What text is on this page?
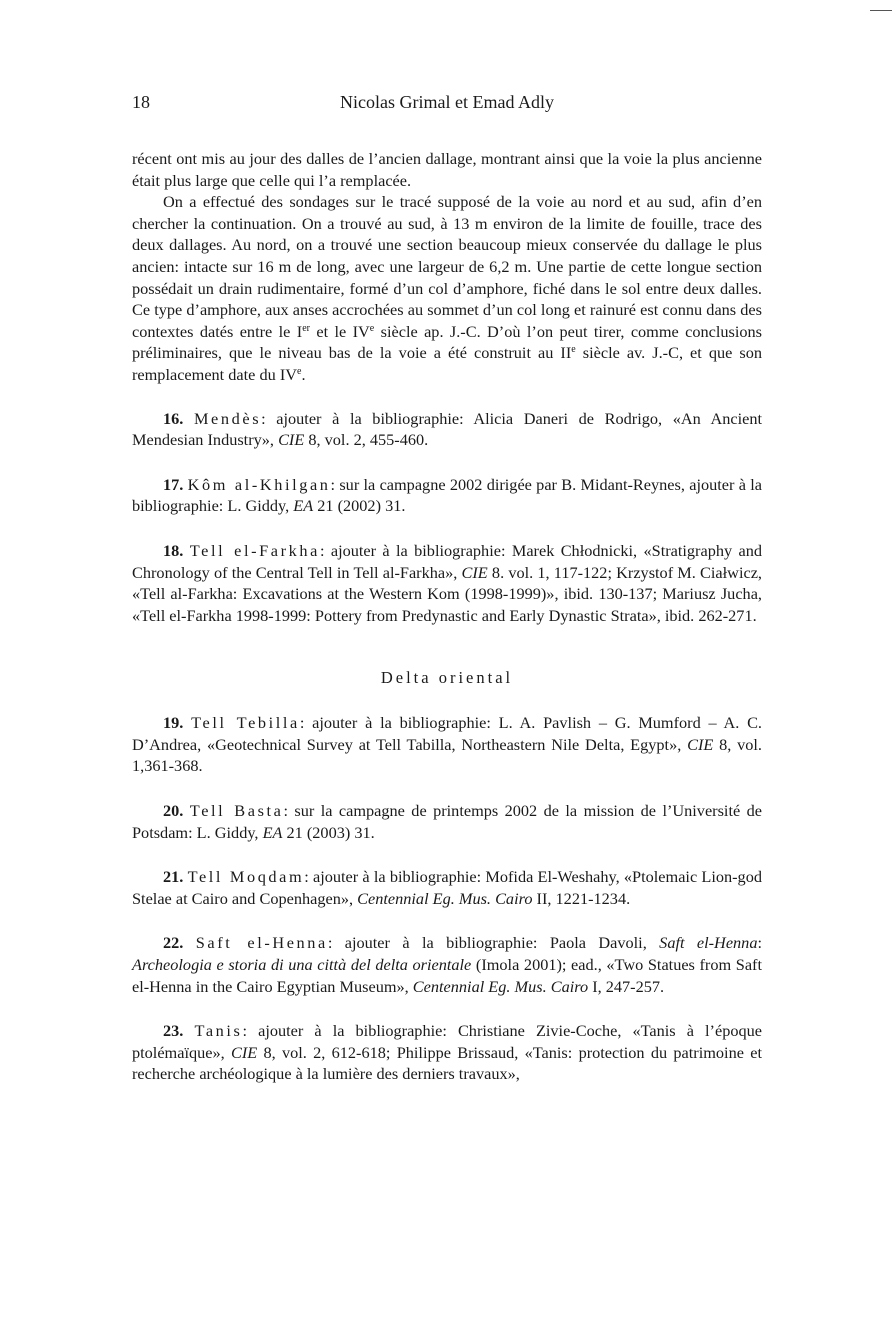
18	Nicolas Grimal et Emad Adly

récent ont mis au jour des dalles de l’ancien dallage, montrant ainsi que la voie la plus ancienne était plus large que celle qui l’a remplacée.

On a effectué des sondages sur le tracé supposé de la voie au nord et au sud, afin d’en chercher la continuation. On a trouvé au sud, à 13 m environ de la limite de fouille, trace des deux dallages. Au nord, on a trouvé une section beaucoup mieux conservée du dallage le plus ancien: intacte sur 16 m de long, avec une largeur de 6,2 m. Une partie de cette longue section possédait un drain rudimentaire, formé d’un col d’amphore, fiché dans le sol entre deux dalles. Ce type d’amphore, aux anses accrochées au sommet d’un col long et rainuré est connu dans des contextes datés entre le Ier et le IVe siècle ap. J.-C. D’où l’on peut tirer, comme conclusions préliminaires, que le niveau bas de la voie a été construit au IIe siècle av. J.-C, et que son remplacement date du IVe.

16. Mendès: ajouter à la bibliographie: Alicia Daneri de Rodrigo, «An Ancient Mendesian Industry», CIE 8, vol. 2, 455-460.

17. Kôm al-Khilgan: sur la campagne 2002 dirigée par B. Midant-Reynes, ajouter à la bibliographie: L. Giddy, EA 21 (2002) 31.

18. Tell el-Farkha: ajouter à la bibliographie: Marek Chłodnicki, «Stratigraphy and Chronology of the Central Tell in Tell al-Farkha», CIE 8. vol. 1, 117-122; Krzystof M. Ciałwicz, «Tell al-Farkha: Excavations at the Western Kom (1998-1999)», ibid. 130-137; Mariusz Jucha, «Tell el-Farkha 1998-1999: Pottery from Predynastic and Early Dynastic Strata», ibid. 262-271.

Delta oriental

19. Tell Tebilla: ajouter à la bibliographie: L. A. Pavlish – G. Mumford – A. C. D’Andrea, «Geotechnical Survey at Tell Tabilla, Northeastern Nile Delta, Egypt», CIE 8, vol. 1,361-368.

20. Tell Basta: sur la campagne de printemps 2002 de la mission de l’Université de Potsdam: L. Giddy, EA 21 (2003) 31.

21. Tell Moqdam: ajouter à la bibliographie: Mofida El-Weshahy, «Ptolemaic Lion-god Stelae at Cairo and Copenhagen», Centennial Eg. Mus. Cairo II, 1221-1234.

22. Saft el-Henna: ajouter à la bibliographie: Paola Davoli, Saft el-Henna: Archeologia e storia di una città del delta orientale (Imola 2001); ead., «Two Statues from Saft el-Henna in the Cairo Egyptian Museum», Centennial Eg. Mus. Cairo I, 247-257.

23. Tanis: ajouter à la bibliographie: Christiane Zivie-Coche, «Tanis à l’époque ptolémaïque», CIE 8, vol. 2, 612-618; Philippe Brissaud, «Tanis: protection du patrimoine et recherche archéologique à la lumière des derniers travaux»,
